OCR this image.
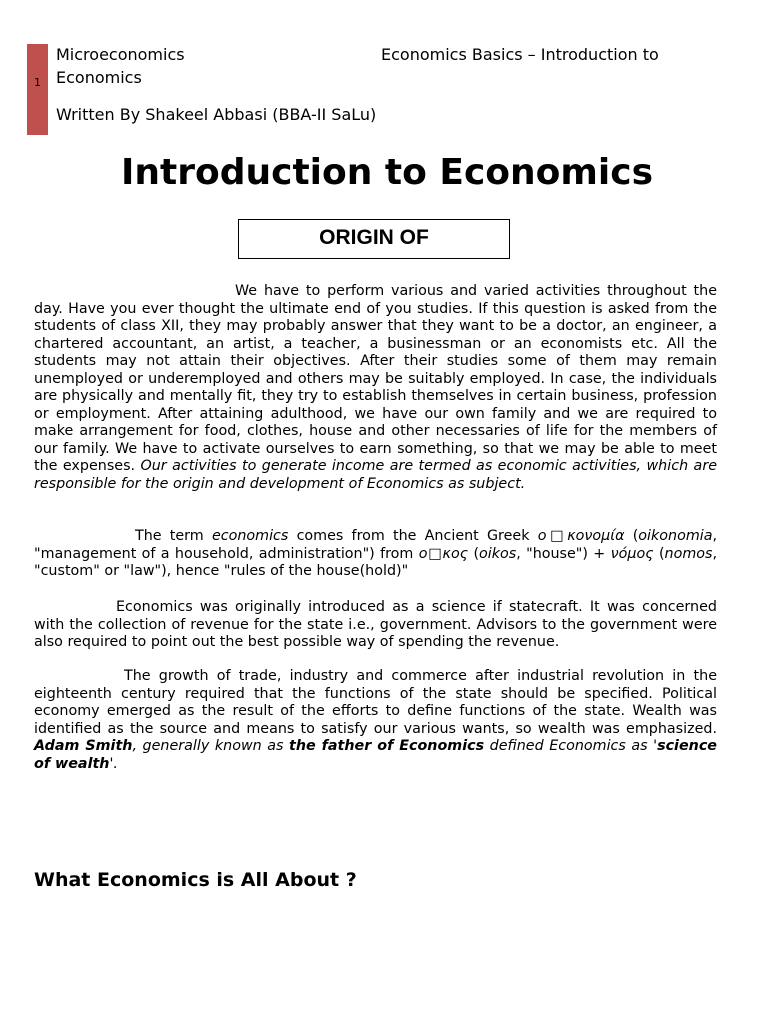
1
Microeconomics	Economics Basics – Introduction to
Economics
Written By Shakeel Abbasi (BBA-II SaLu)
Introduction to Economics
ORIGIN OF

We have to perform various and varied activities throughout the day. Have you ever thought the ultimate end of you studies. If this question is asked from the students of class XII, they may probably answer that they want to be a doctor, an engineer, a chartered accountant, an artist, a teacher, a businessman or an economists etc. All the students may not attain their objectives. After their studies some of them may remain unemployed or underemployed and others may be suitably employed. In case, the individuals are physically and mentally fit, they try to establish themselves in certain business, profession or employment. After attaining adulthood, we have our own family and we are required to make arrangement for food, clothes, house and other necessaries of life for the members of our family. We have to activate ourselves to earn something, so that we may be able to meet the expenses. Our activities to generate income are termed as economic activities, which are responsible for the origin and development of Economics as subject.

The term economics comes from the Ancient Greek ο□κονομία (oikonomia, "management of a household, administration") from ο□κος (oikos, "house") + νόμος (nomos, "custom" or "law"), hence "rules of the house(hold)"

Economics was originally introduced as a science if statecraft. It was concerned with the collection of revenue for the state i.e., government. Advisors to the government were also required to point out the best possible way of spending the revenue.

The growth of trade, industry and commerce after industrial revolution in the eighteenth century required that the functions of the state should be specified. Political economy emerged as the result of the efforts to define functions of the state. Wealth was identified as the source and means to satisfy our various wants, so wealth was emphasized. Adam Smith, generally known as the father of Economics defined Economics as 'science of wealth'.

What Economics is All About ?
